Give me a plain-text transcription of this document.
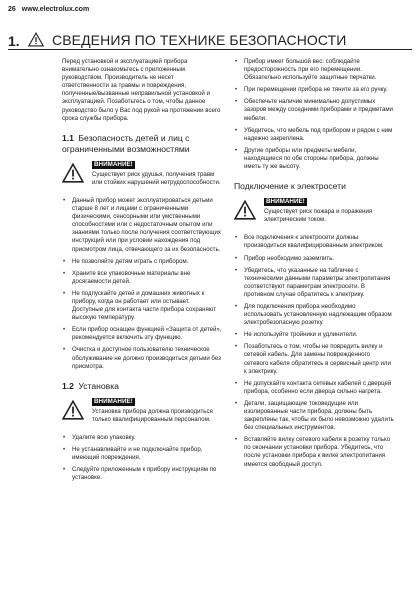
26 www.electrolux.com
1. СВЕДЕНИЯ ПО ТЕХНИКЕ БЕЗОПАСНОСТИ

Перед установкой и эксплуатацией прибора внимательно ознакомьтесь с приложенным руководством. Производитель не несет ответственности за травмы и повреждения, полученные/вызванные неправильной установкой и эксплуатацией. Позаботьтесь о том, чтобы данное руководство было у Вас под рукой на протяжении всего срока службы прибора.

1.1 Безопасность детей и лиц с ограниченными возможностями
ВНИМАНИЕ!
Существует риск удушья, получения травм или стойких нарушений нетрудоспособности.
• Данный прибор может эксплуатироваться детьми старше 8 лет и лицами с ограниченными физическими, сенсорными или умственными способностями или с недостаточным опытом или знаниями только после получения соответствующих инструкций или при условии нахождения под присмотром лица, отвечающего за их безопасность.
• Не позволяйте детям играть с прибором.
• Храните все упаковочные материалы вне досягаемости детей.
• Не подпускайте детей и домашних животных к прибору, когда он работает или остывает. Доступные для контакта части прибора сохраняют высокую температуру.
• Если прибор оснащен функцией «Защита от детей», рекомендуется включить эту функцию.
• Очистка и доступное пользователю техническое обслуживание не должно производиться детьми без присмотра.
1.2 Установка
ВНИМАНИЕ!
Установка прибора должна производиться только квалифицированным персоналом.
• Удалите всю упаковку.
• Не устанавливайте и не подключайте прибор, имеющий повреждения.
• Следуйте приложенным к прибору инструкциям по установке.
• Прибор имеет большой вес: соблюдайте предосторожность при его перемещении. Обязательно используйте защитные перчатки.
• При перемещении прибора не тяните за его ручку.
• Обеспечьте наличие минимально допустимых зазоров между соседними приборами и предметами мебели.
• Убедитесь, что мебель под прибором и рядом с ним надежно закреплена.
• Другие приборы или предметы мебели, находящиеся по обе стороны прибора, должны иметь ту же высоту.
Подключение к электросети
ВНИМАНИЕ!
Существует риск пожара и поражения электрическим током.
• Все подключения к электросети должны производиться квалифицированным электриком.
• Прибор необходимо заземлить.
• Убедитесь, что указанные на табличке с техническими данными параметры электропитания соответствуют параметрам электросети. В противном случае обратитесь к электрику.
• Для подключения прибора необходимо использовать установленную надлежащим образом электробезопасную розетку.
• Не используйте тройники и удлинители.
• Позаботьтесь о том, чтобы не повредить вилку и сетевой кабель. Для замены поврежденного сетевого кабеля обратитесь в сервисный центр или к электрику.
• Не допускайте контакта сетевых кабелей с дверцей прибора, особенно если дверца сильно нагрета.
• Детали, защищающие токоведущие или изолированные части прибора, должны быть закреплены так, чтобы их было невозможно удалить без специальных инструментов.
• Вставляйте вилку сетевого кабеля в розетку только по окончании установки прибора. Убедитесь, что после установки прибора к вилке электропитания имеется свободный доступ.
